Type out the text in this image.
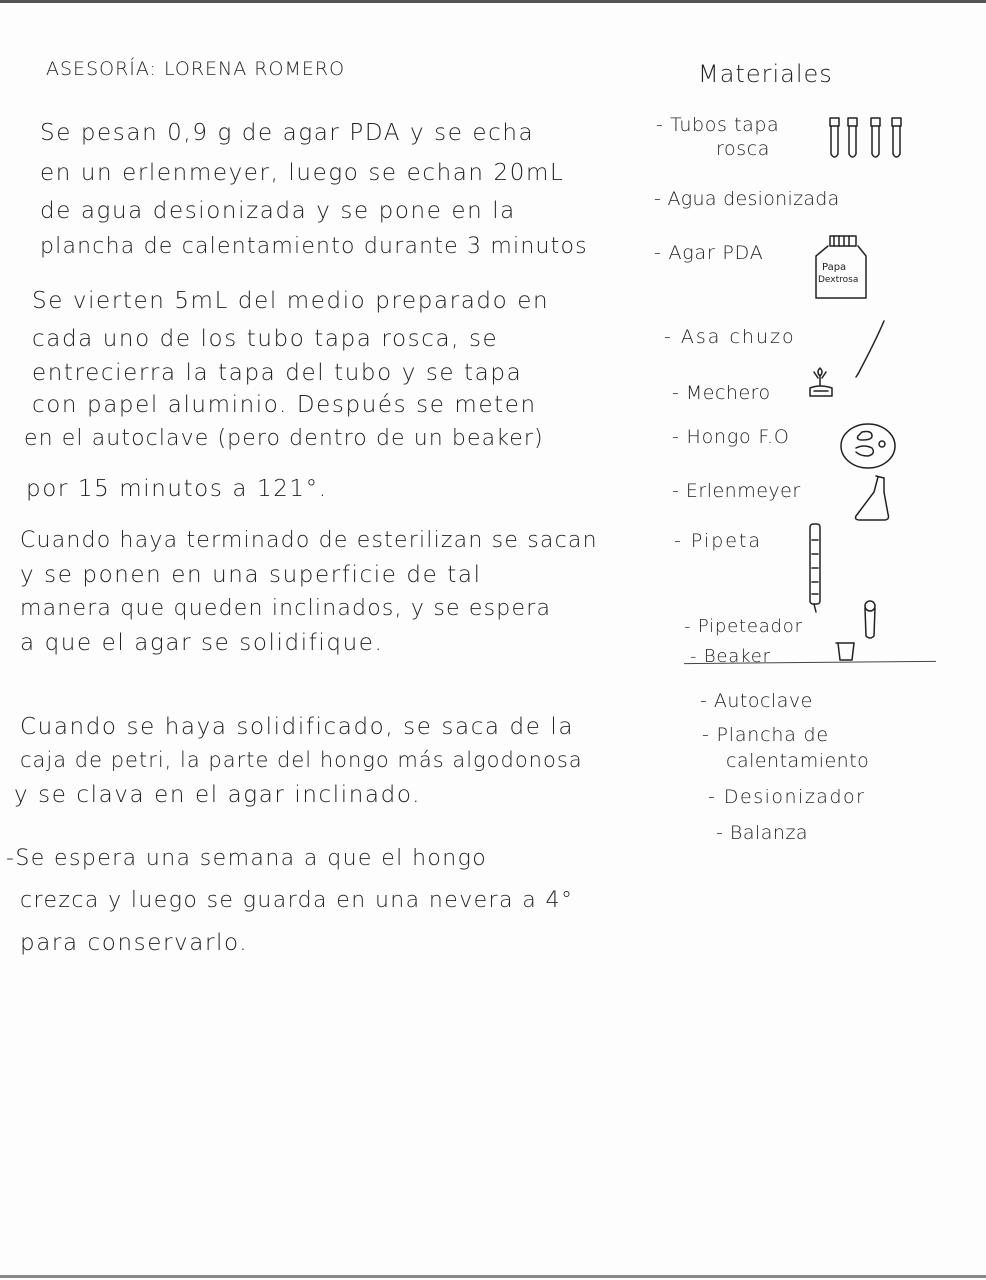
ASESORÍA: LORENA ROMERO
Se pesan 0,9 g de agar PDA y se echa
en un erlenmeyer, luego se echan 20mL
de agua desionizada y se pone en la
plancha de calentamiento durante 3 minutos
Se vierten 5mL del medio preparado en
cada uno de los tubo tapa rosca, se
entrecierra la tapa del tubo y se tapa
con papel aluminio. Después se meten
en el autoclave (pero dentro de un beaker)
por 15 minutos a 121°.
Cuando haya terminado de esterilizan se sacan
y se ponen en una superficie de tal
manera que queden inclinados, y se espera
a que el agar se solidifique.
Cuando se haya solidificado, se saca de la
caja de petri, la parte del hongo más algodonosa
y se clava en el agar inclinado.
-Se espera una semana a que el hongo
crezca y luego se guarda en una nevera a 4°
para conservarlo.
Materiales
- Tubos tapa
rosca
- Agua desionizada
- Agar PDA
- Asa chuzo
- Mechero
- Hongo F.O
- Erlenmeyer
- Pipeta
- Pipeteador
- Beaker
- Autoclave
- Plancha de
calentamiento
- Desionizador
- Balanza
Papa
Dextrosa
